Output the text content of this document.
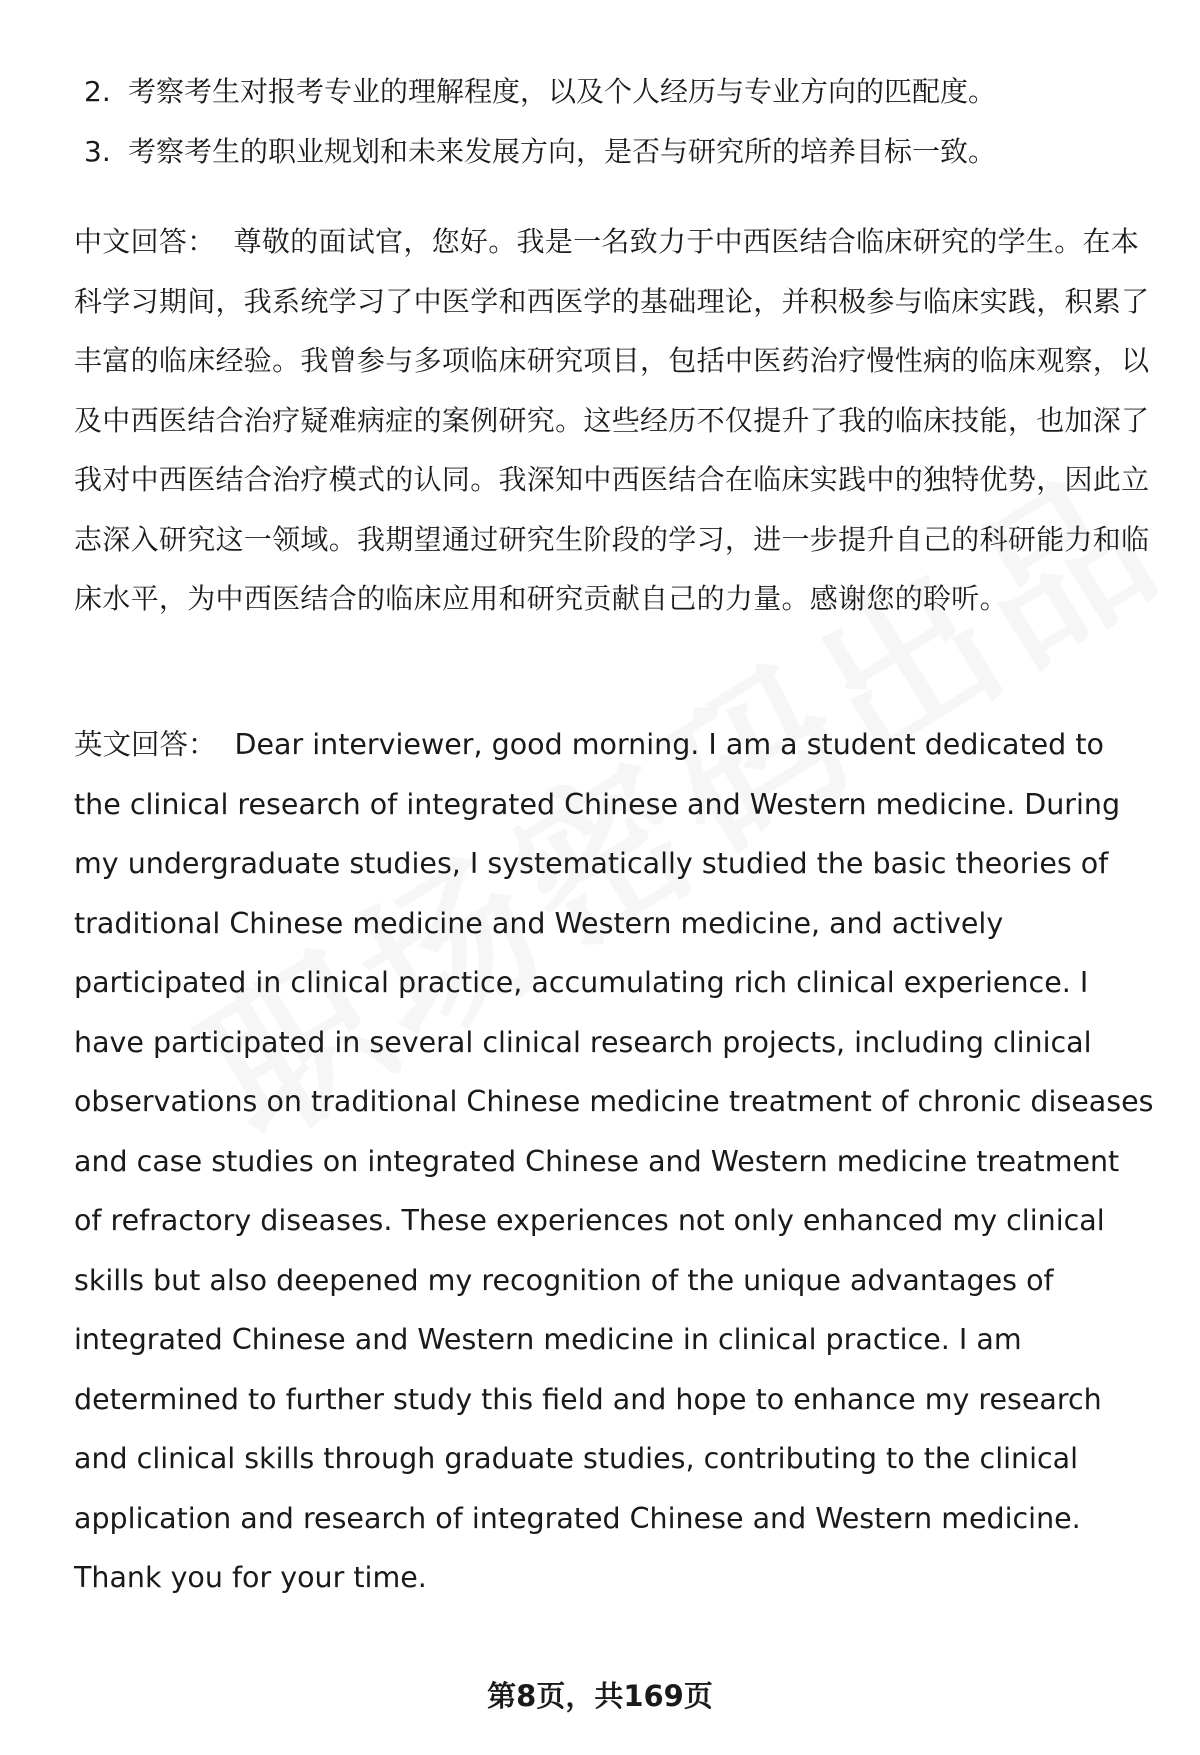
2. 考察考生对报考专业的理解程度，以及个人经历与专业方向的匹配度。
3. 考察考生的职业规划和未来发展方向，是否与研究所的培养目标一致。

中文回答： 尊敬的面试官，您好。我是一名致力于中西医结合临床研究的学生。在本科学习期间，我系统学习了中医学和西医学的基础理论，并积极参与临床实践，积累了丰富的临床经验。我曾参与多项临床研究项目，包括中医药治疗慢性病的临床观察，以及中西医结合治疗疑难病症的案例研究。这些经历不仅提升了我的临床技能，也加深了我对中西医结合治疗模式的认同。我深知中西医结合在临床实践中的独特优势，因此立志深入研究这一领域。我期望通过研究生阶段的学习，进一步提升自己的科研能力和临床水平，为中西医结合的临床应用和研究贡献自己的力量。感谢您的聆听。

英文回答： Dear interviewer, good morning. I am a student dedicated to the clinical research of integrated Chinese and Western medicine. During my undergraduate studies, I systematically studied the basic theories of traditional Chinese medicine and Western medicine, and actively participated in clinical practice, accumulating rich clinical experience. I have participated in several clinical research projects, including clinical observations on traditional Chinese medicine treatment of chronic diseases and case studies on integrated Chinese and Western medicine treatment of refractory diseases. These experiences not only enhanced my clinical skills but also deepened my recognition of the unique advantages of integrated Chinese and Western medicine in clinical practice. I am determined to further study this field and hope to enhance my research and clinical skills through graduate studies, contributing to the clinical application and research of integrated Chinese and Western medicine. Thank you for your time.

第8页，共169页
